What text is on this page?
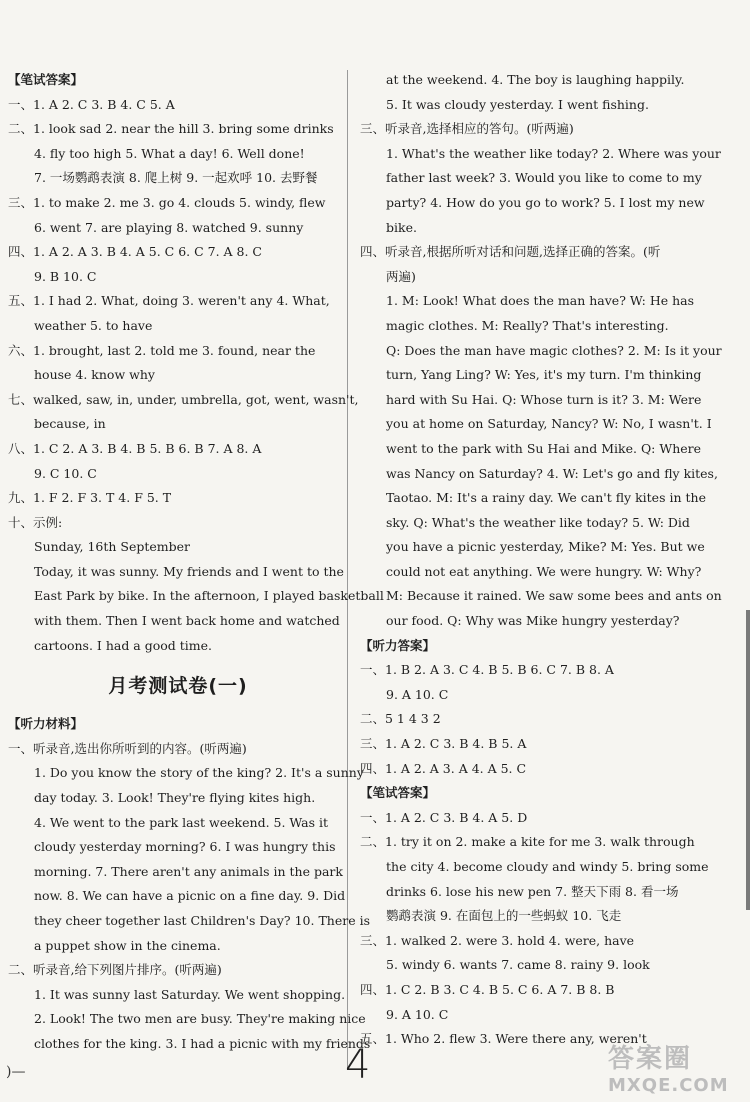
【笔试答案】
一、1. A 2. C 3. B 4. C 5. A
二、1. look sad 2. near the hill 3. bring some drinks
4. fly too high 5. What a day! 6. Well done!
7. 一场鹦鹉表演 8. 爬上树 9. 一起欢呼 10. 去野餐
三、1. to make 2. me 3. go 4. clouds 5. windy, flew
6. went 7. are playing 8. watched 9. sunny
四、1. A 2. A 3. B 4. A 5. C 6. C 7. A 8. C
9. B 10. C
五、1. I had 2. What, doing 3. weren't any 4. What,
weather 5. to have
六、1. brought, last 2. told me 3. found, near the
house 4. know why
七、walked, saw, in, under, umbrella, got, went, wasn't,
because, in
八、1. C 2. A 3. B 4. B 5. B 6. B 7. A 8. A
9. C 10. C
九、1. F 2. F 3. T 4. F 5. T
十、示例:
Sunday, 16th September
Today, it was sunny. My friends and I went to the
East Park by bike. In the afternoon, I played basketball
with them. Then I went back home and watched
cartoons. I had a good time.
月考测试卷(一)
【听力材料】
一、听录音,选出你所听到的内容。(听两遍)
1. Do you know the story of the king? 2. It's a sunny
day today. 3. Look! They're flying kites high.
4. We went to the park last weekend. 5. Was it
cloudy yesterday morning? 6. I was hungry this
morning. 7. There aren't any animals in the park
now. 8. We can have a picnic on a fine day. 9. Did
they cheer together last Children's Day? 10. There is
a puppet show in the cinema.
二、听录音,给下列图片排序。(听两遍)
1. It was sunny last Saturday. We went shopping.
2. Look! The two men are busy. They're making nice
clothes for the king. 3. I had a picnic with my friends
at the weekend. 4. The boy is laughing happily.
5. It was cloudy yesterday. I went fishing.
三、听录音,选择相应的答句。(听两遍)
1. What's the weather like today? 2. Where was your
father last week? 3. Would you like to come to my
party? 4. How do you go to work? 5. I lost my new
bike.
四、听录音,根据所听对话和问题,选择正确的答案。(听
两遍)
1. M: Look! What does the man have? W: He has
magic clothes. M: Really? That's interesting.
Q: Does the man have magic clothes? 2. M: Is it your
turn, Yang Ling? W: Yes, it's my turn. I'm thinking
hard with Su Hai. Q: Whose turn is it? 3. M: Were
you at home on Saturday, Nancy? W: No, I wasn't. I
went to the park with Su Hai and Mike. Q: Where
was Nancy on Saturday? 4. W: Let's go and fly kites,
Taotao. M: It's a rainy day. We can't fly kites in the
sky. Q: What's the weather like today? 5. W: Did
you have a picnic yesterday, Mike? M: Yes. But we
could not eat anything. We were hungry. W: Why?
M: Because it rained. We saw some bees and ants on
our food. Q: Why was Mike hungry yesterday?
【听力答案】
一、1. B 2. A 3. C 4. B 5. B 6. C 7. B 8. A
9. A 10. C
二、5 1 4 3 2
三、1. A 2. C 3. B 4. B 5. A
四、1. A 2. A 3. A 4. A 5. C
【笔试答案】
一、1. A 2. C 3. B 4. A 5. D
二、1. try it on 2. make a kite for me 3. walk through
the city 4. become cloudy and windy 5. bring some
drinks 6. lose his new pen 7. 整天下雨 8. 看一场
鹦鹉表演 9. 在面包上的一些蚂蚁 10. 飞走
三、1. walked 2. were 3. hold 4. were, have
5. windy 6. wants 7. came 8. rainy 9. look
四、1. C 2. B 3. C 4. B 5. C 6. A 7. B 8. B
9. A 10. C
五、1. Who 2. flew 3. Were there any, weren't
)—	4	答案圈
MXQE.COM
